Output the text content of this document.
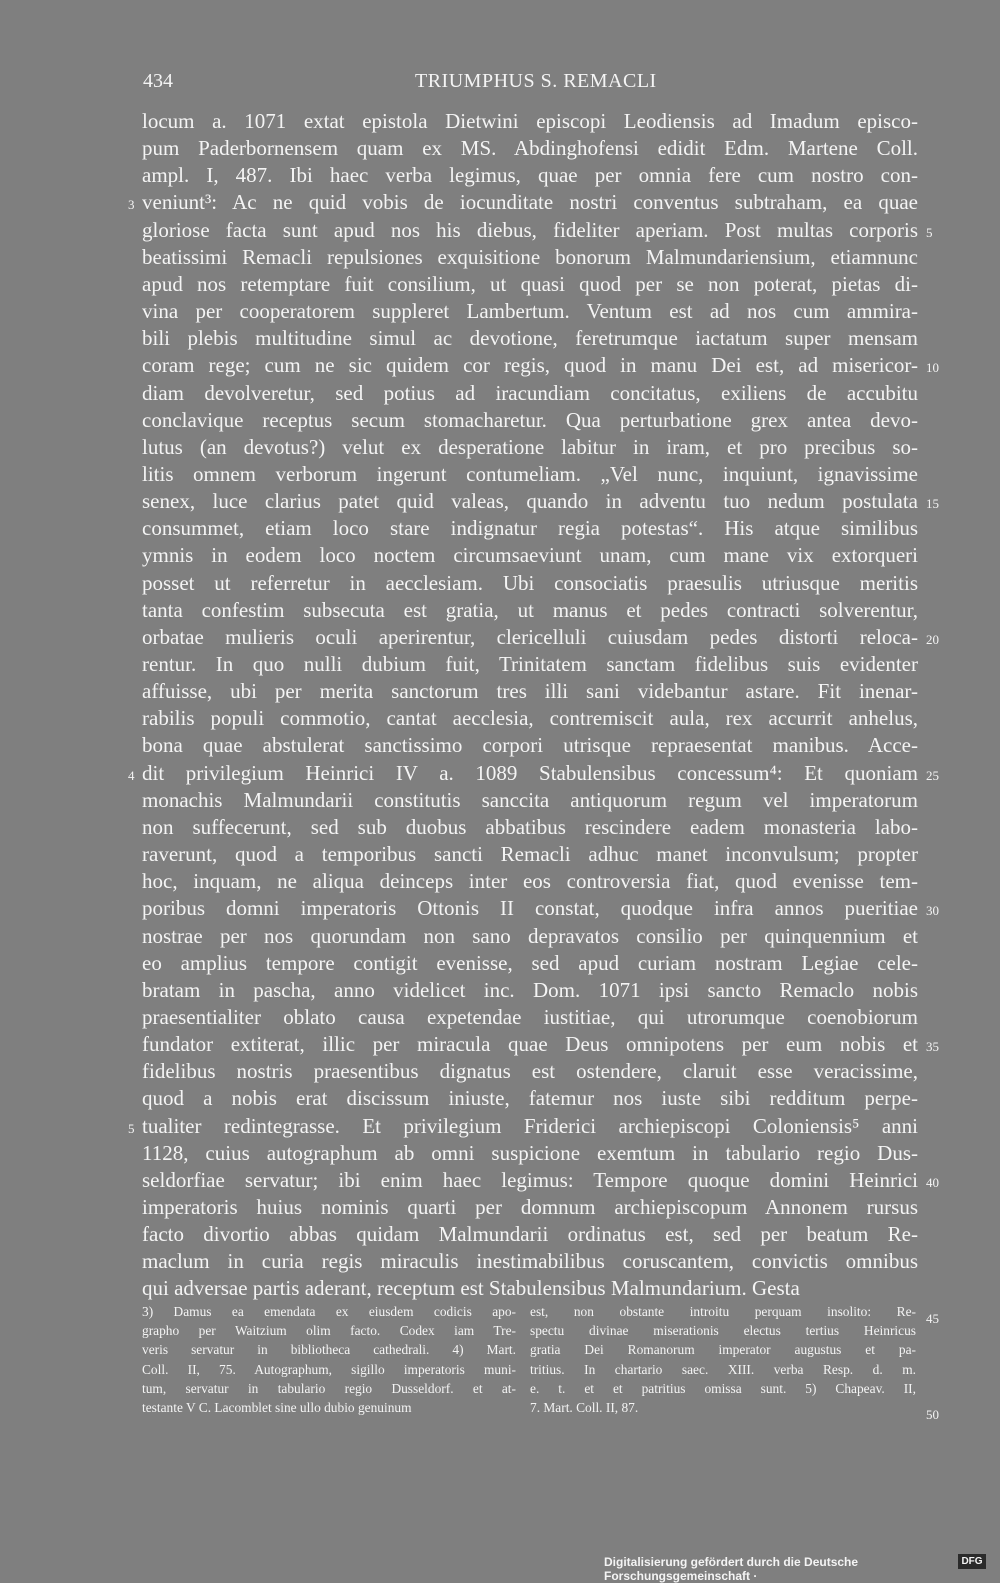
434	TRIUMPHUS S. REMACLI
locum a. 1071 extat epistola Dietwini episcopi Leodiensis ad Imadum episco-
pum Paderbornensem quam ex MS. Abdinghofensi edidit Edm. Martene Coll.
ampl. I, 487. Ibi haec verba legimus, quae per omnia fere cum nostro con-
veniunt³: Ac ne quid vobis de iocunditate nostri conventus subtraham, ea quae
gloriose facta sunt apud nos his diebus, fideliter aperiam. Post multas corporis
beatissimi Remacli repulsiones exquisitione bonorum Malmundariensium, etiamnunc
apud nos retemptare fuit consilium, ut quasi quod per se non poterat, pietas di-
vina per cooperatorem suppleret Lambertum. Ventum est ad nos cum ammira-
bili plebis multitudine simul ac devotione, feretrumque iactatum super mensam
coram rege; cum ne sic quidem cor regis, quod in manu Dei est, ad misericor-
diam devolveretur, sed potius ad iracundiam concitatus, exiliens de accubitu
conclavique receptus secum stomacharetur. Qua perturbatione grex antea devo-
lutus (an devotus?) velut ex desperatione labitur in iram, et pro precibus so-
litis omnem verborum ingerunt contumeliam. „Vel nunc, inquiunt, ignavissime
senex, luce clarius patet quid valeas, quando in adventu tuo nedum postulata
consummet, etiam loco stare indignatur regia potestas“. His atque similibus
ymnis in eodem loco noctem circumsaeviunt unam, cum mane vix extorqueri
posset ut referretur in aecclesiam. Ubi consociatis praesulis utriusque meritis
tanta confestim subsecuta est gratia, ut manus et pedes contracti solverentur,
orbatae mulieris oculi aperirentur, clericelluli cuiusdam pedes distorti reloca-
rentur. In quo nulli dubium fuit, Trinitatem sanctam fidelibus suis evidenter
affuisse, ubi per merita sanctorum tres illi sani videbantur astare. Fit inenar-
rabilis populi commotio, cantat aecclesia, contremiscit aula, rex accurrit anhelus,
bona quae abstulerat sanctissimo corpori utrisque repraesentat manibus. Acce-
dit privilegium Heinrici IV a. 1089 Stabulensibus concessum⁴: Et quoniam
monachis Malmundarii constitutis sanccita antiquorum regum vel imperatorum
non suffecerunt, sed sub duobus abbatibus rescindere eadem monasteria labo-
raverunt, quod a temporibus sancti Remacli adhuc manet inconvulsum; propter
hoc, inquam, ne aliqua deinceps inter eos controversia fiat, quod evenisse tem-
poribus domni imperatoris Ottonis II constat, quodque infra annos pueritiae
nostrae per nos quorundam non sano depravatos consilio per quinquennium et
eo amplius tempore contigit evenisse, sed apud curiam nostram Legiae cele-
bratam in pascha, anno videlicet inc. Dom. 1071 ipsi sancto Remaclo nobis
praesentialiter oblato causa expetendae iustitiae, qui utrorumque coenobiorum
fundator extiterat, illic per miracula quae Deus omnipotens per eum nobis et
fidelibus nostris praesentibus dignatus est ostendere, claruit esse veracissime,
quod a nobis erat discissum iniuste, fatemur nos iuste sibi redditum perpe-
tualiter redintegrasse. Et privilegium Friderici archiepiscopi Coloniensis⁵ anni
1128, cuius autographum ab omni suspicione exemtum in tabulario regio Dus-
seldorfiae servatur; ibi enim haec legimus: Tempore quoque domini Heinrici
imperatoris huius nominis quarti per domnum archiepiscopum Annonem rursus
facto divortio abbas quidam Malmundarii ordinatus est, sed per beatum Re-
maclum in curia regis miraculis inestimabilibus coruscantem, convictis omnibus
qui adversae partis aderant, receptum est Stabulensibus Malmundarium. Gesta
3
4
5
5
10
15
20
25
30
35
40
45
50
3) Damus ea emendata ex eiusdem codicis apo-
grapho per Waitzium olim facto. Codex iam Tre-
veris servatur in bibliotheca cathedrali. 4) Mart.
Coll. II, 75. Autographum, sigillo imperatoris muni-
tum, servatur in tabulario regio Dusseldorf. et at-
testante V C. Lacomblet sine ullo dubio genuinum
est, non obstante introitu perquam insolito: Re-
spectu divinae miserationis electus tertius Heinricus
gratia Dei Romanorum imperator augustus et pa-
tritius. In chartario saec. XIII. verba Resp. d. m.
e. t. et et patritius omissa sunt. 5) Chapeav. II,
7. Mart. Coll. II, 87.
Digitalisierung gefördert durch die Deutsche Forschungsgemeinschaft ·
DFG
